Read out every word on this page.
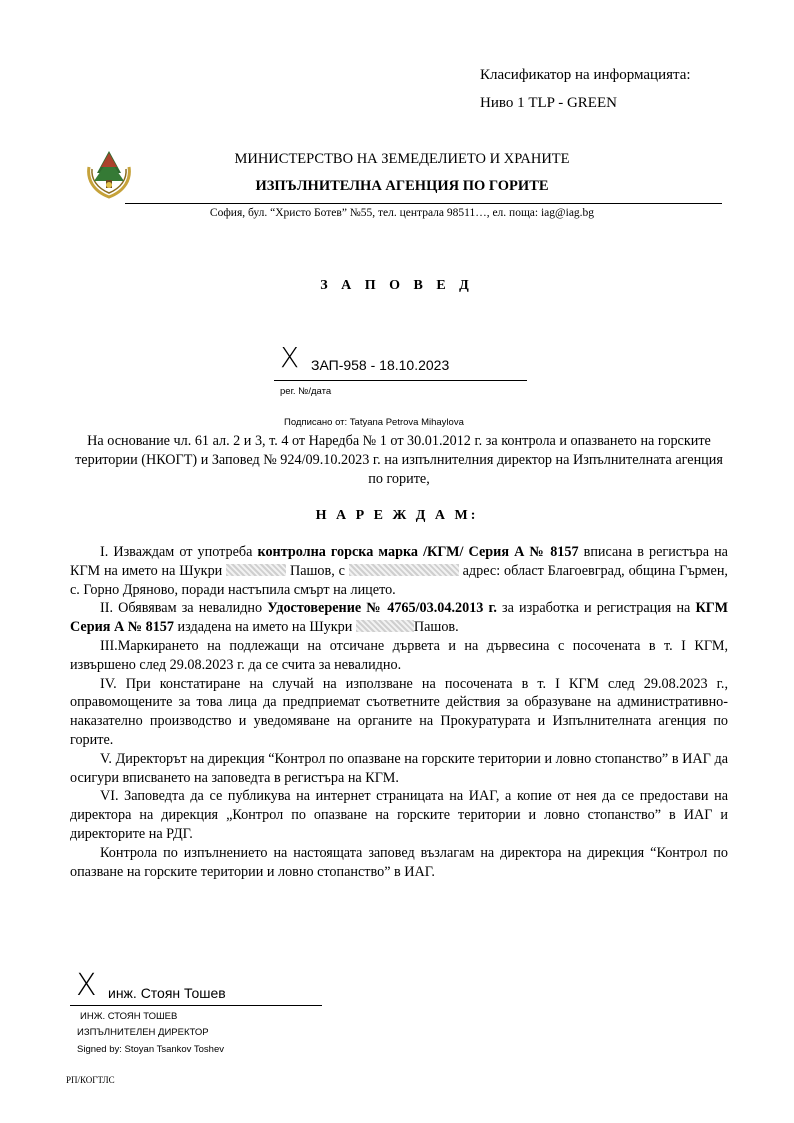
Класификатор на информацията:
Ниво 1 TLP - GREEN
МИНИСТЕРСТВО НА ЗЕМЕДЕЛИЕТО И ХРАНИТЕ
ИЗПЪЛНИТЕЛНА АГЕНЦИЯ ПО ГОРИТЕ
София, бул. “Христо Ботев” №55, тел. централа 98511…, ел. поща: iag@iag.bg
З А П О В Е Д
X ЗАП-958 - 18.10.2023
рег. №/дата
Подписано от: Tatyana Petrova Mihaylova
На основание чл. 61 ал. 2 и 3, т. 4 от Наредба № 1 от 30.01.2012 г. за контрола и опазването на горските територии (НКОГТ) и Заповед № 924/09.10.2023 г. на изпълнителния директор на Изпълнителната агенция по горите,
Н А Р Е Ж Д А М:

I. Изваждам от употреба контролна горска марка /КГМ/ Серия А № 8157 вписана в регистъра на КГМ на името на Шукри	Пашов, с	адрес: област Благоевград, община Гърмен, с. Горно Дряново, поради настъпила смърт на лицето.

II. Обявявам за невалидно Удостоверение № 4765/03.04.2013 г. за изработка и регистрация на КГМ Серия А № 8157 издадена на името на Шукри	Пашов.

III.Маркирането на подлежащи на отсичане дървета и на дървесина с посочената в т. I КГМ, извършено след 29.08.2023 г. да се счита за невалидно.

IV. При констатиране на случай на използване на посочената в т. I КГМ след 29.08.2023 г., оправомощените за това лица да предприемат съответните действия за образуване на административно-наказателно производство и уведомяване на органите на Прокуратурата и Изпълнителната агенция по горите.

V. Директорът на дирекция “Контрол по опазване на горските територии и ловно стопанство” в ИАГ да осигури вписването на заповедта в регистъра на КГМ.

VI. Заповедта да се публикува на интернет страницата на ИАГ, а копие от нея да се предостави на директора на дирекция „Контрол по опазване на горските територии и ловно стопанство” в ИАГ и директорите на РДГ.

Контрола по изпълнението на настоящата заповед възлагам на директора на дирекция “Контрол по опазване на горските територии и ловно стопанство” в ИАГ.

X инж. Стоян Тошев
ИНЖ. СТОЯН ТОШЕВ
ИЗПЪЛНИТЕЛЕН ДИРЕКТОР
Signed by: Stoyan Tsankov Toshev
РП/КОГТЛС
